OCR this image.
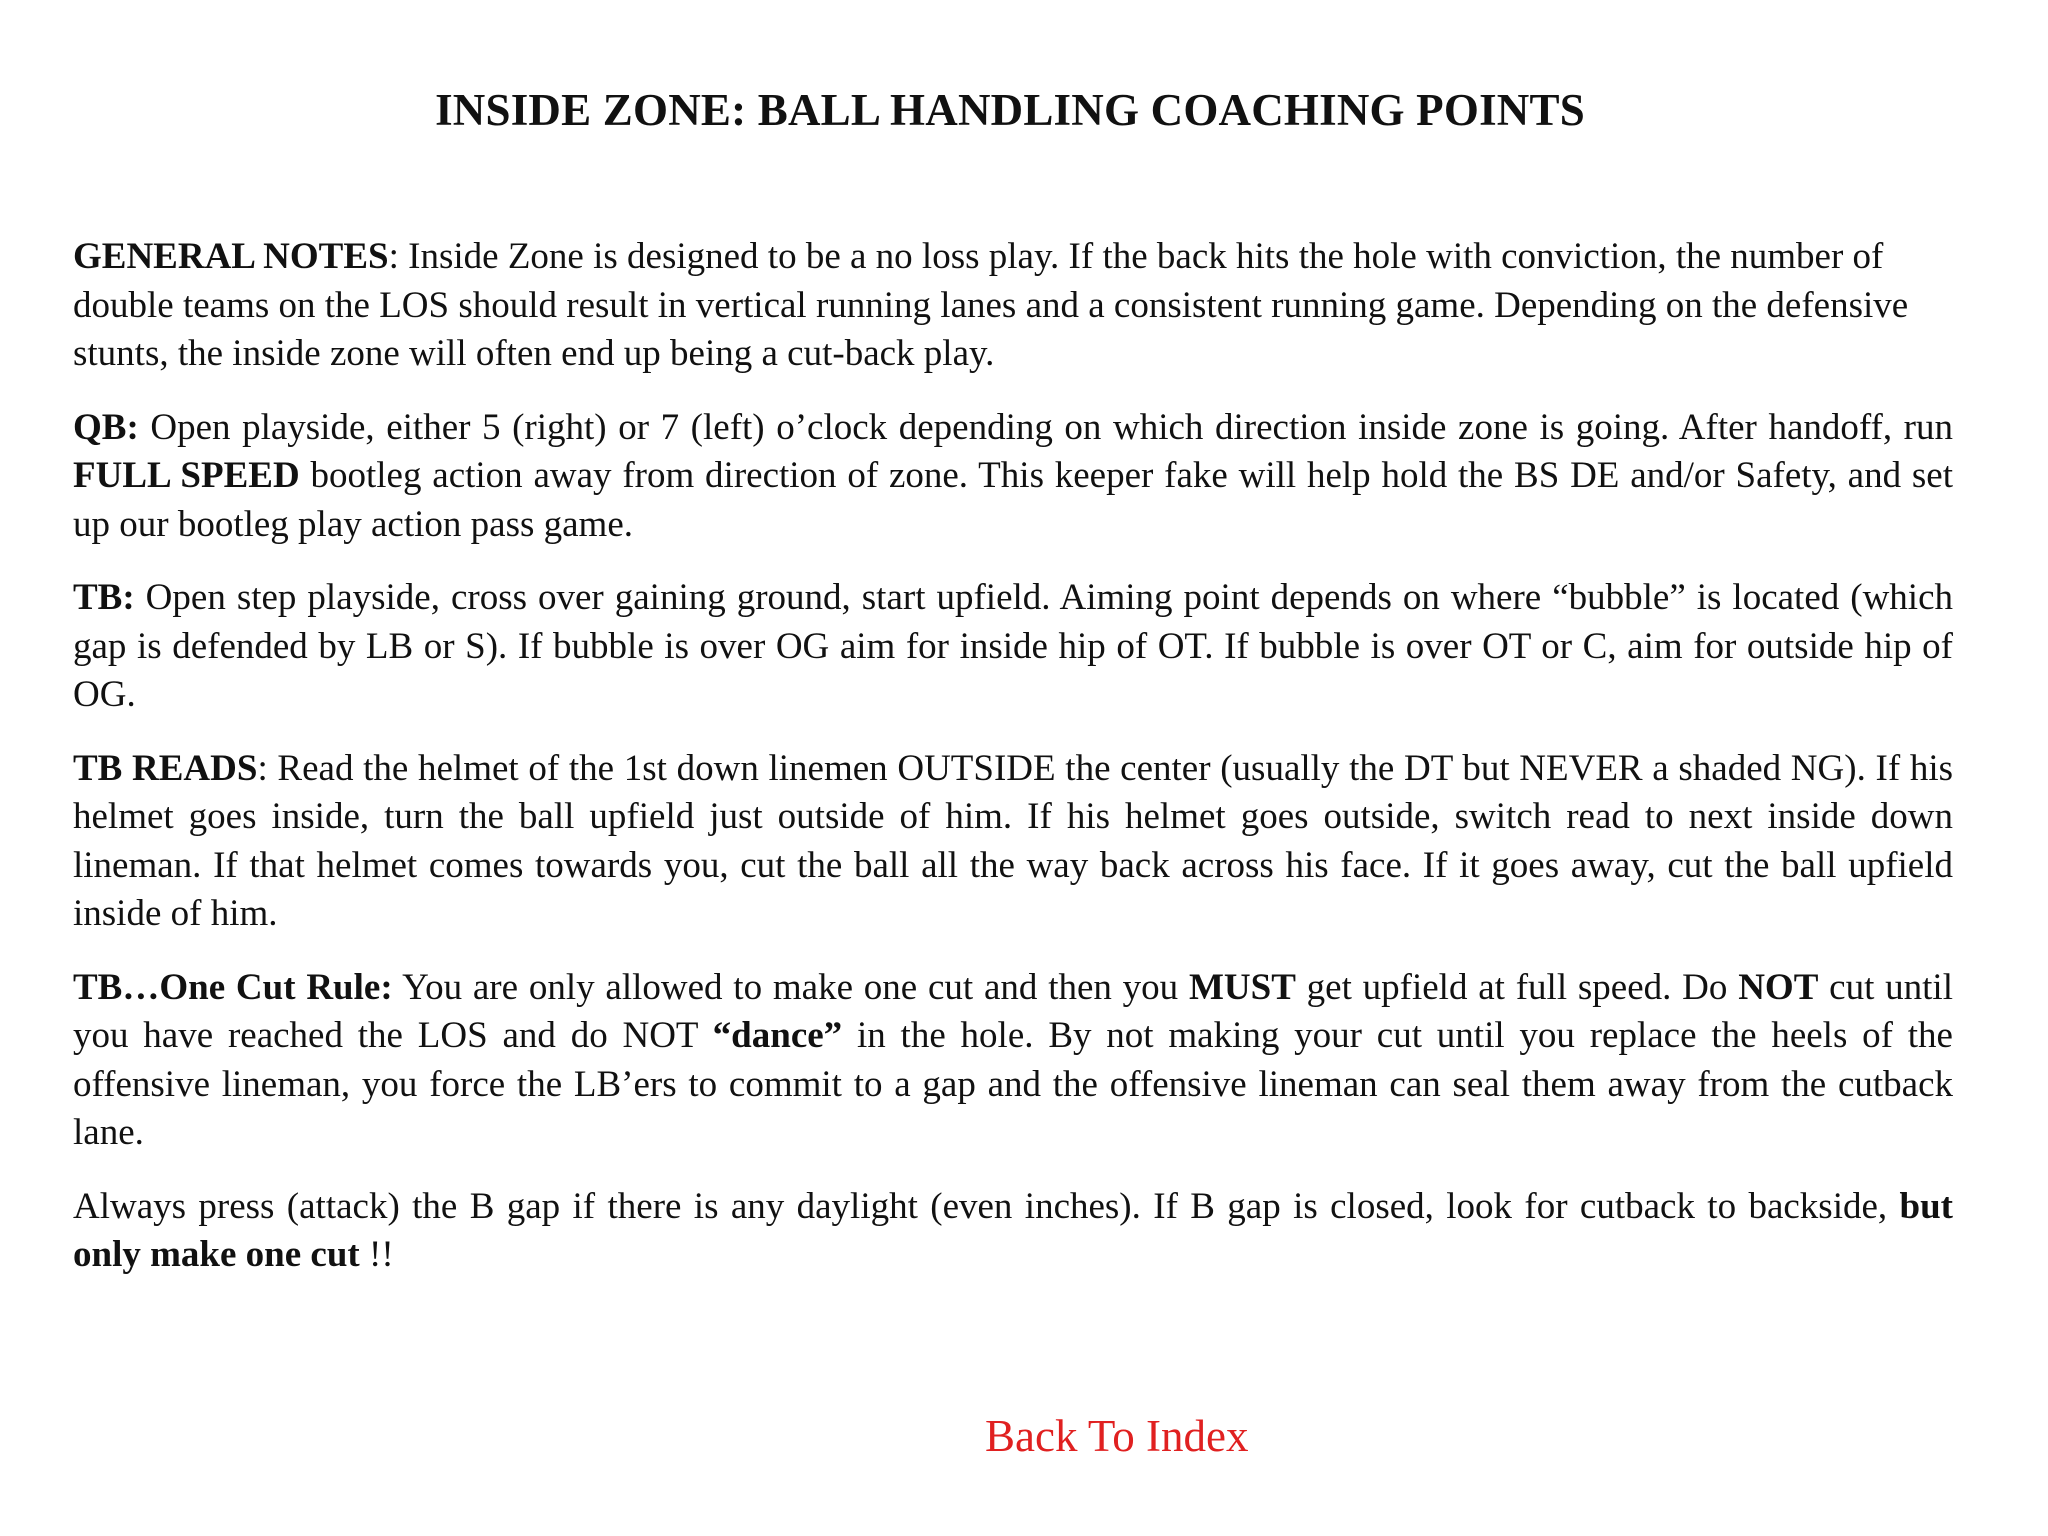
INSIDE ZONE: BALL HANDLING COACHING POINTS

GENERAL NOTES: Inside Zone is designed to be a no loss play. If the back hits the hole with conviction, the number of double teams on the LOS should result in vertical running lanes and a consistent running game. Depending on the defensive stunts, the inside zone will often end up being a cut-back play.

QB: Open playside, either 5 (right) or 7 (left) o’clock depending on which direction inside zone is going. After handoff, run FULL SPEED bootleg action away from direction of zone. This keeper fake will help hold the BS DE and/or Safety, and set up our bootleg play action pass game.

TB: Open step playside, cross over gaining ground, start upfield. Aiming point depends on where “bubble” is located (which gap is defended by LB or S). If bubble is over OG aim for inside hip of OT. If bubble is over OT or C, aim for outside hip of OG.

TB READS: Read the helmet of the 1st down linemen OUTSIDE the center (usually the DT but NEVER a shaded NG). If his helmet goes inside, turn the ball upfield just outside of him. If his helmet goes outside, switch read to next inside down lineman. If that helmet comes towards you, cut the ball all the way back across his face. If it goes away, cut the ball upfield inside of him.

TB…One Cut Rule: You are only allowed to make one cut and then you MUST get upfield at full speed. Do NOT cut until you have reached the LOS and do NOT “dance” in the hole. By not making your cut until you replace the heels of the offensive lineman, you force the LB’ers to commit to a gap and the offensive lineman can seal them away from the cutback lane.

Always press (attack) the B gap if there is any daylight (even inches). If B gap is closed, look for cutback to backside, but only make one cut !!

Back To Index
